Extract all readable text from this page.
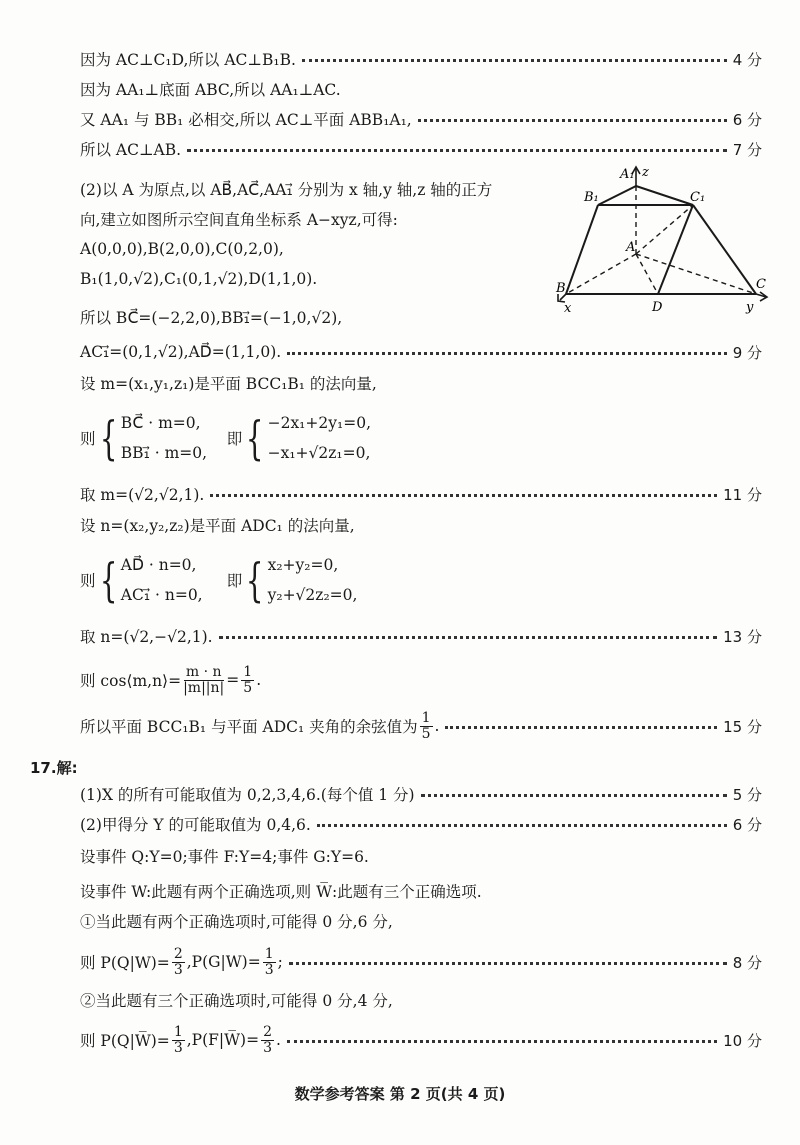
因为 AC⊥C₁D,所以 AC⊥B₁B.	4 分
因为 AA₁⊥底面 ABC,所以 AA₁⊥AC.
又 AA₁ 与 BB₁ 必相交,所以 AC⊥平面 ABB₁A₁,	6 分
所以 AC⊥AB.	7 分
(2)以 A 为原点,以 AB⃗,AC⃗,AA₁⃗ 分别为 x 轴,y 轴,z 轴的正方
向,建立如图所示空间直角坐标系 A−xyz,可得:
A(0,0,0),B(2,0,0),C(0,2,0),
B₁(1,0,√2),C₁(0,1,√2),D(1,1,0).
所以 BC⃗=(−2,2,0),BB₁⃗=(−1,0,√2),
AC₁⃗=(0,1,√2),AD⃗=(1,1,0).	9 分
设 m=(x₁,y₁,z₁)是平面 BCC₁B₁ 的法向量,
则 { BC⃗ · m=0,
BB₁⃗ · m=0,
即 { −2x₁+2y₁=0,
−x₁+√2z₁=0,
取 m=(√2,√2,1).	11 分
设 n=(x₂,y₂,z₂)是平面 ADC₁ 的法向量,
则 { AD⃗ · n=0,
AC₁⃗ · n=0,
即 { x₂+y₂=0,
y₂+√2z₂=0,
取 n=(√2,−√2,1).	13 分
则 cos⟨m,n⟩= $\frac{m \cdot n}{|m||n|} = \frac{1}{5}$ .
所以平面 BCC₁B₁ 与平面 ADC₁ 夹角的余弦值为 $\frac{1}{5}$ .	15 分
17.解:
(1)X 的所有可能取值为 0,2,3,4,6.(每个值 1 分)	5 分
(2)甲得分 Y 的可能取值为 0,4,6.	6 分
设事件 Q:Y=0;事件 F:Y=4;事件 G:Y=6.
设事件 W:此题有两个正确选项,则 W̅:此题有三个正确选项.
①当此题有两个正确选项时,可能得 0 分,6 分,
则 $P(Q|W)= \frac{2}{3} ,P(G|W)= \frac{1}{3}$ ;	8 分
②当此题有三个正确选项时,可能得 0 分,4 分,
则 P(Q|W̅)= $\frac{1}{3}$ ,P(F|W̅)= $\frac{2}{3}$ .	10 分
A₁ z
B₁	C₁
A
B
D
C
x	y
数学参考答案 第 2 页(共 4 页)
